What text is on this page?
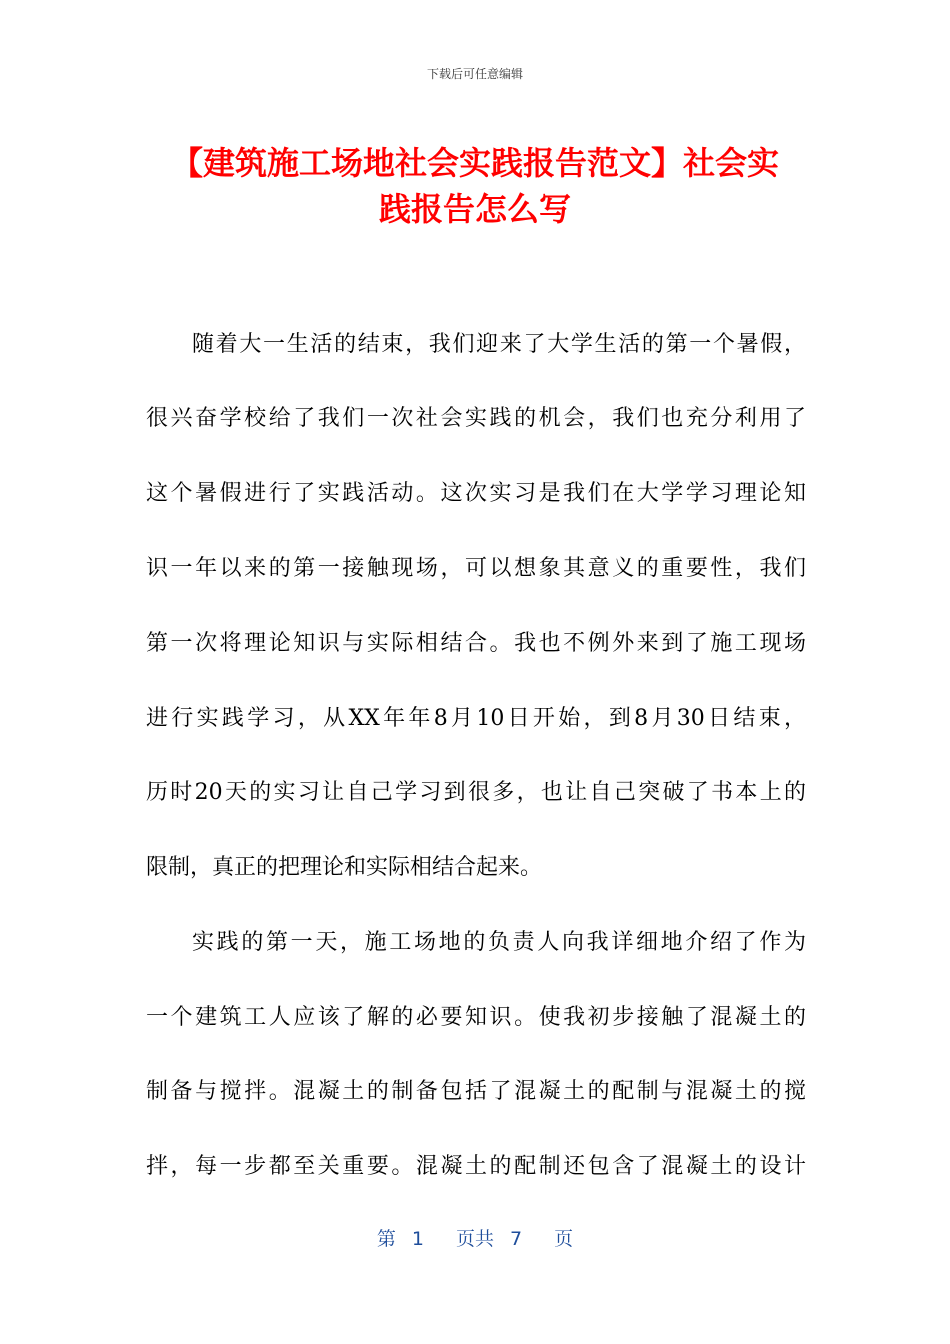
下载后可任意编辑
【建筑施工场地社会实践报告范文】社会实
践报告怎么写
随着大一生活的结束，我们迎来了大学生活的第一个暑假，
很兴奋学校给了我们一次社会实践的机会，我们也充分利用了
这个暑假进行了实践活动。这次实习是我们在大学学习理论知
识一年以来的第一接触现场，可以想象其意义的重要性，我们
第一次将理论知识与实际相结合。我也不例外来到了施工现场
进行实践学习，从XX年年8月10日开始，到8月30日结束，
历时20天的实习让自己学习到很多，也让自己突破了书本上的
限制，真正的把理论和实际相结合起来。
实践的第一天，施工场地的负责人向我详细地介绍了作为
一个建筑工人应该了解的必要知识。使我初步接触了混凝土的
制备与搅拌。混凝土的制备包括了混凝土的配制与混凝土的搅
拌，每一步都至关重要。混凝土的配制还包含了混凝土的设计
第 1 页共 7 页
